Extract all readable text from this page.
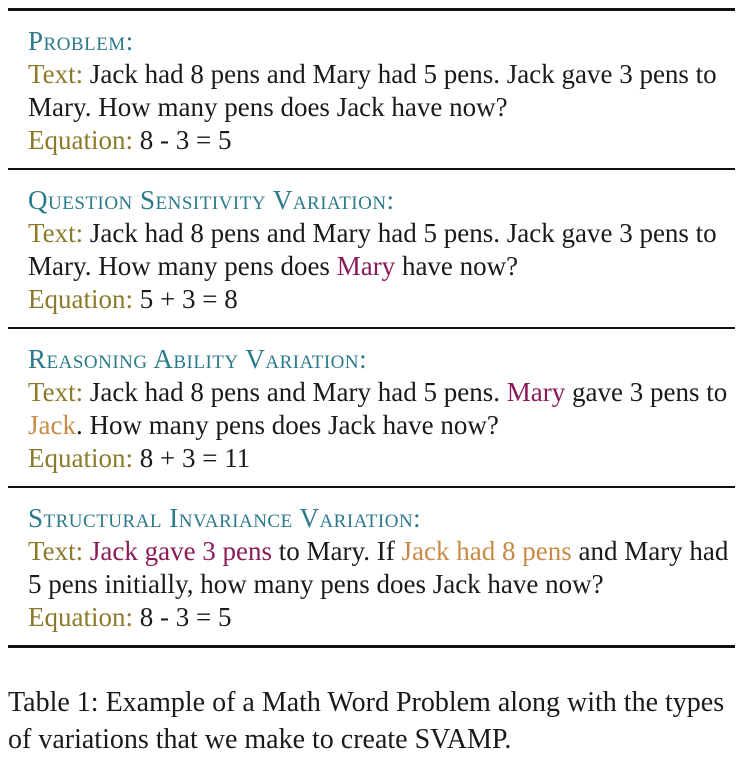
Problem:
Text: Jack had 8 pens and Mary had 5 pens. Jack gave 3 pens to Mary. How many pens does Jack have now?
Equation: 8 - 3 = 5
Question Sensitivity Variation:
Text: Jack had 8 pens and Mary had 5 pens. Jack gave 3 pens to Mary. How many pens does Mary have now?
Equation: 5 + 3 = 8
Reasoning Ability Variation:
Text: Jack had 8 pens and Mary had 5 pens. Mary gave 3 pens to Jack. How many pens does Jack have now?
Equation: 8 + 3 = 11
Structural Invariance Variation:
Text: Jack gave 3 pens to Mary. If Jack had 8 pens and Mary had 5 pens initially, how many pens does Jack have now?
Equation: 8 - 3 = 5
Table 1: Example of a Math Word Problem along with the types of variations that we make to create SVAMP.
